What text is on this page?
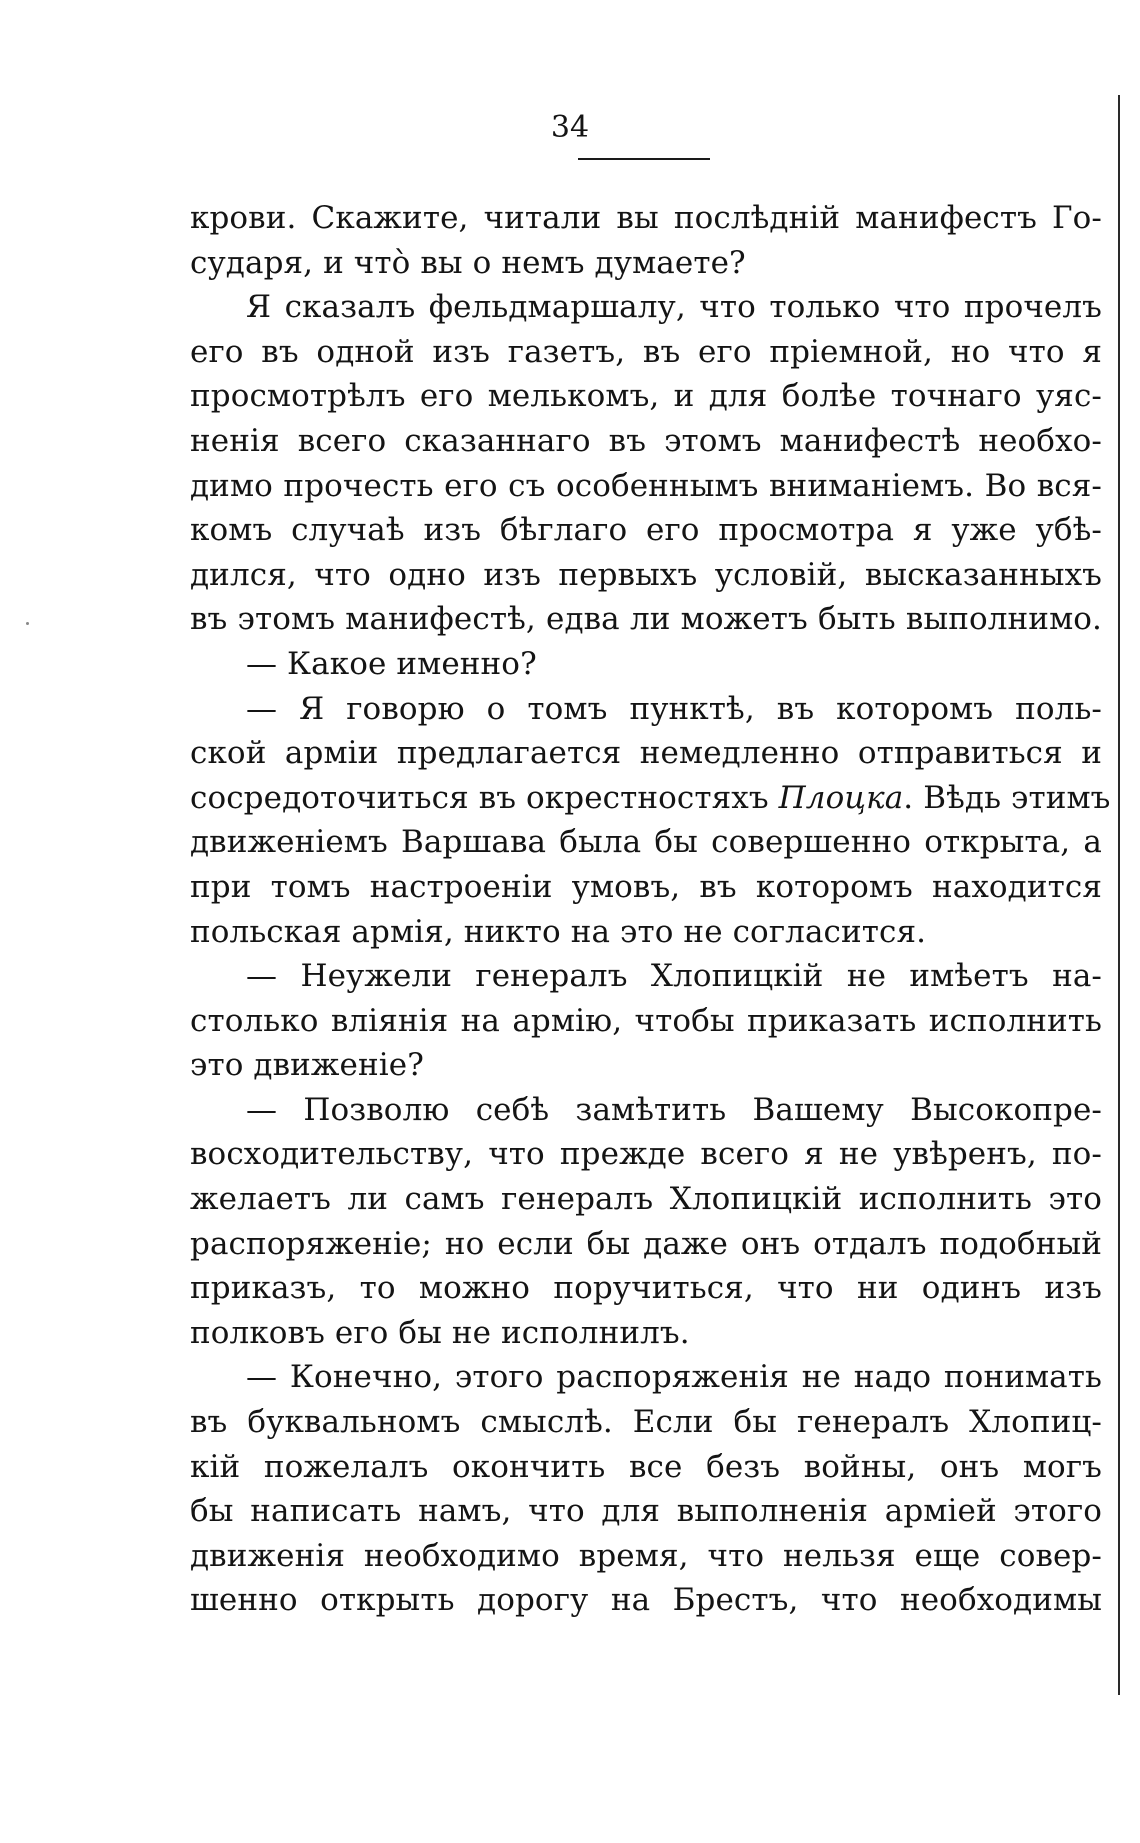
34
крови. Скажите, читали вы послѣдній манифестъ Го-
сударя, и что̀ вы о немъ думаете?
Я сказалъ фельдмаршалу, что только что прочелъ
его въ одной изъ газетъ, въ его пріемной, но что я
просмотрѣлъ его мелькомъ, и для болѣе точнаго уяс-
ненія всего сказаннаго въ этомъ манифестѣ необхо-
димо прочесть его съ особеннымъ вниманіемъ. Во вся-
комъ случаѣ изъ бѣглаго его просмотра я уже убѣ-
дился, что одно изъ первыхъ условій, высказанныхъ
въ этомъ манифестѣ, едва ли можетъ быть выполнимо.
— Какое именно?
— Я говорю о томъ пунктѣ, въ которомъ поль-
ской арміи предлагается немедленно отправиться и
сосредоточиться въ окрестностяхъ Плоцка. Вѣдь этимъ
движеніемъ Варшава была бы совершенно открыта, а
при томъ настроеніи умовъ, въ которомъ находится
польская армія, никто на это не согласится.
— Неужели генералъ Хлопицкій не имѣетъ на-
столько вліянія на армію, чтобы приказать исполнить
это движеніе?
— Позволю себѣ замѣтить Вашему Высокопре-
восходительству, что прежде всего я не увѣренъ, по-
желаетъ ли самъ генералъ Хлопицкій исполнить это
распоряженіе; но если бы даже онъ отдалъ подобный
приказъ, то можно поручиться, что ни одинъ изъ
полковъ его бы не исполнилъ.
— Конечно, этого распоряженія не надо понимать
въ буквальномъ смыслѣ. Если бы генералъ Хлопиц-
кій пожелалъ окончить все безъ войны, онъ могъ
бы написать намъ, что для выполненія арміей этого
движенія необходимо время, что нельзя еще совер-
шенно открыть дорогу на Брестъ, что необходимы
